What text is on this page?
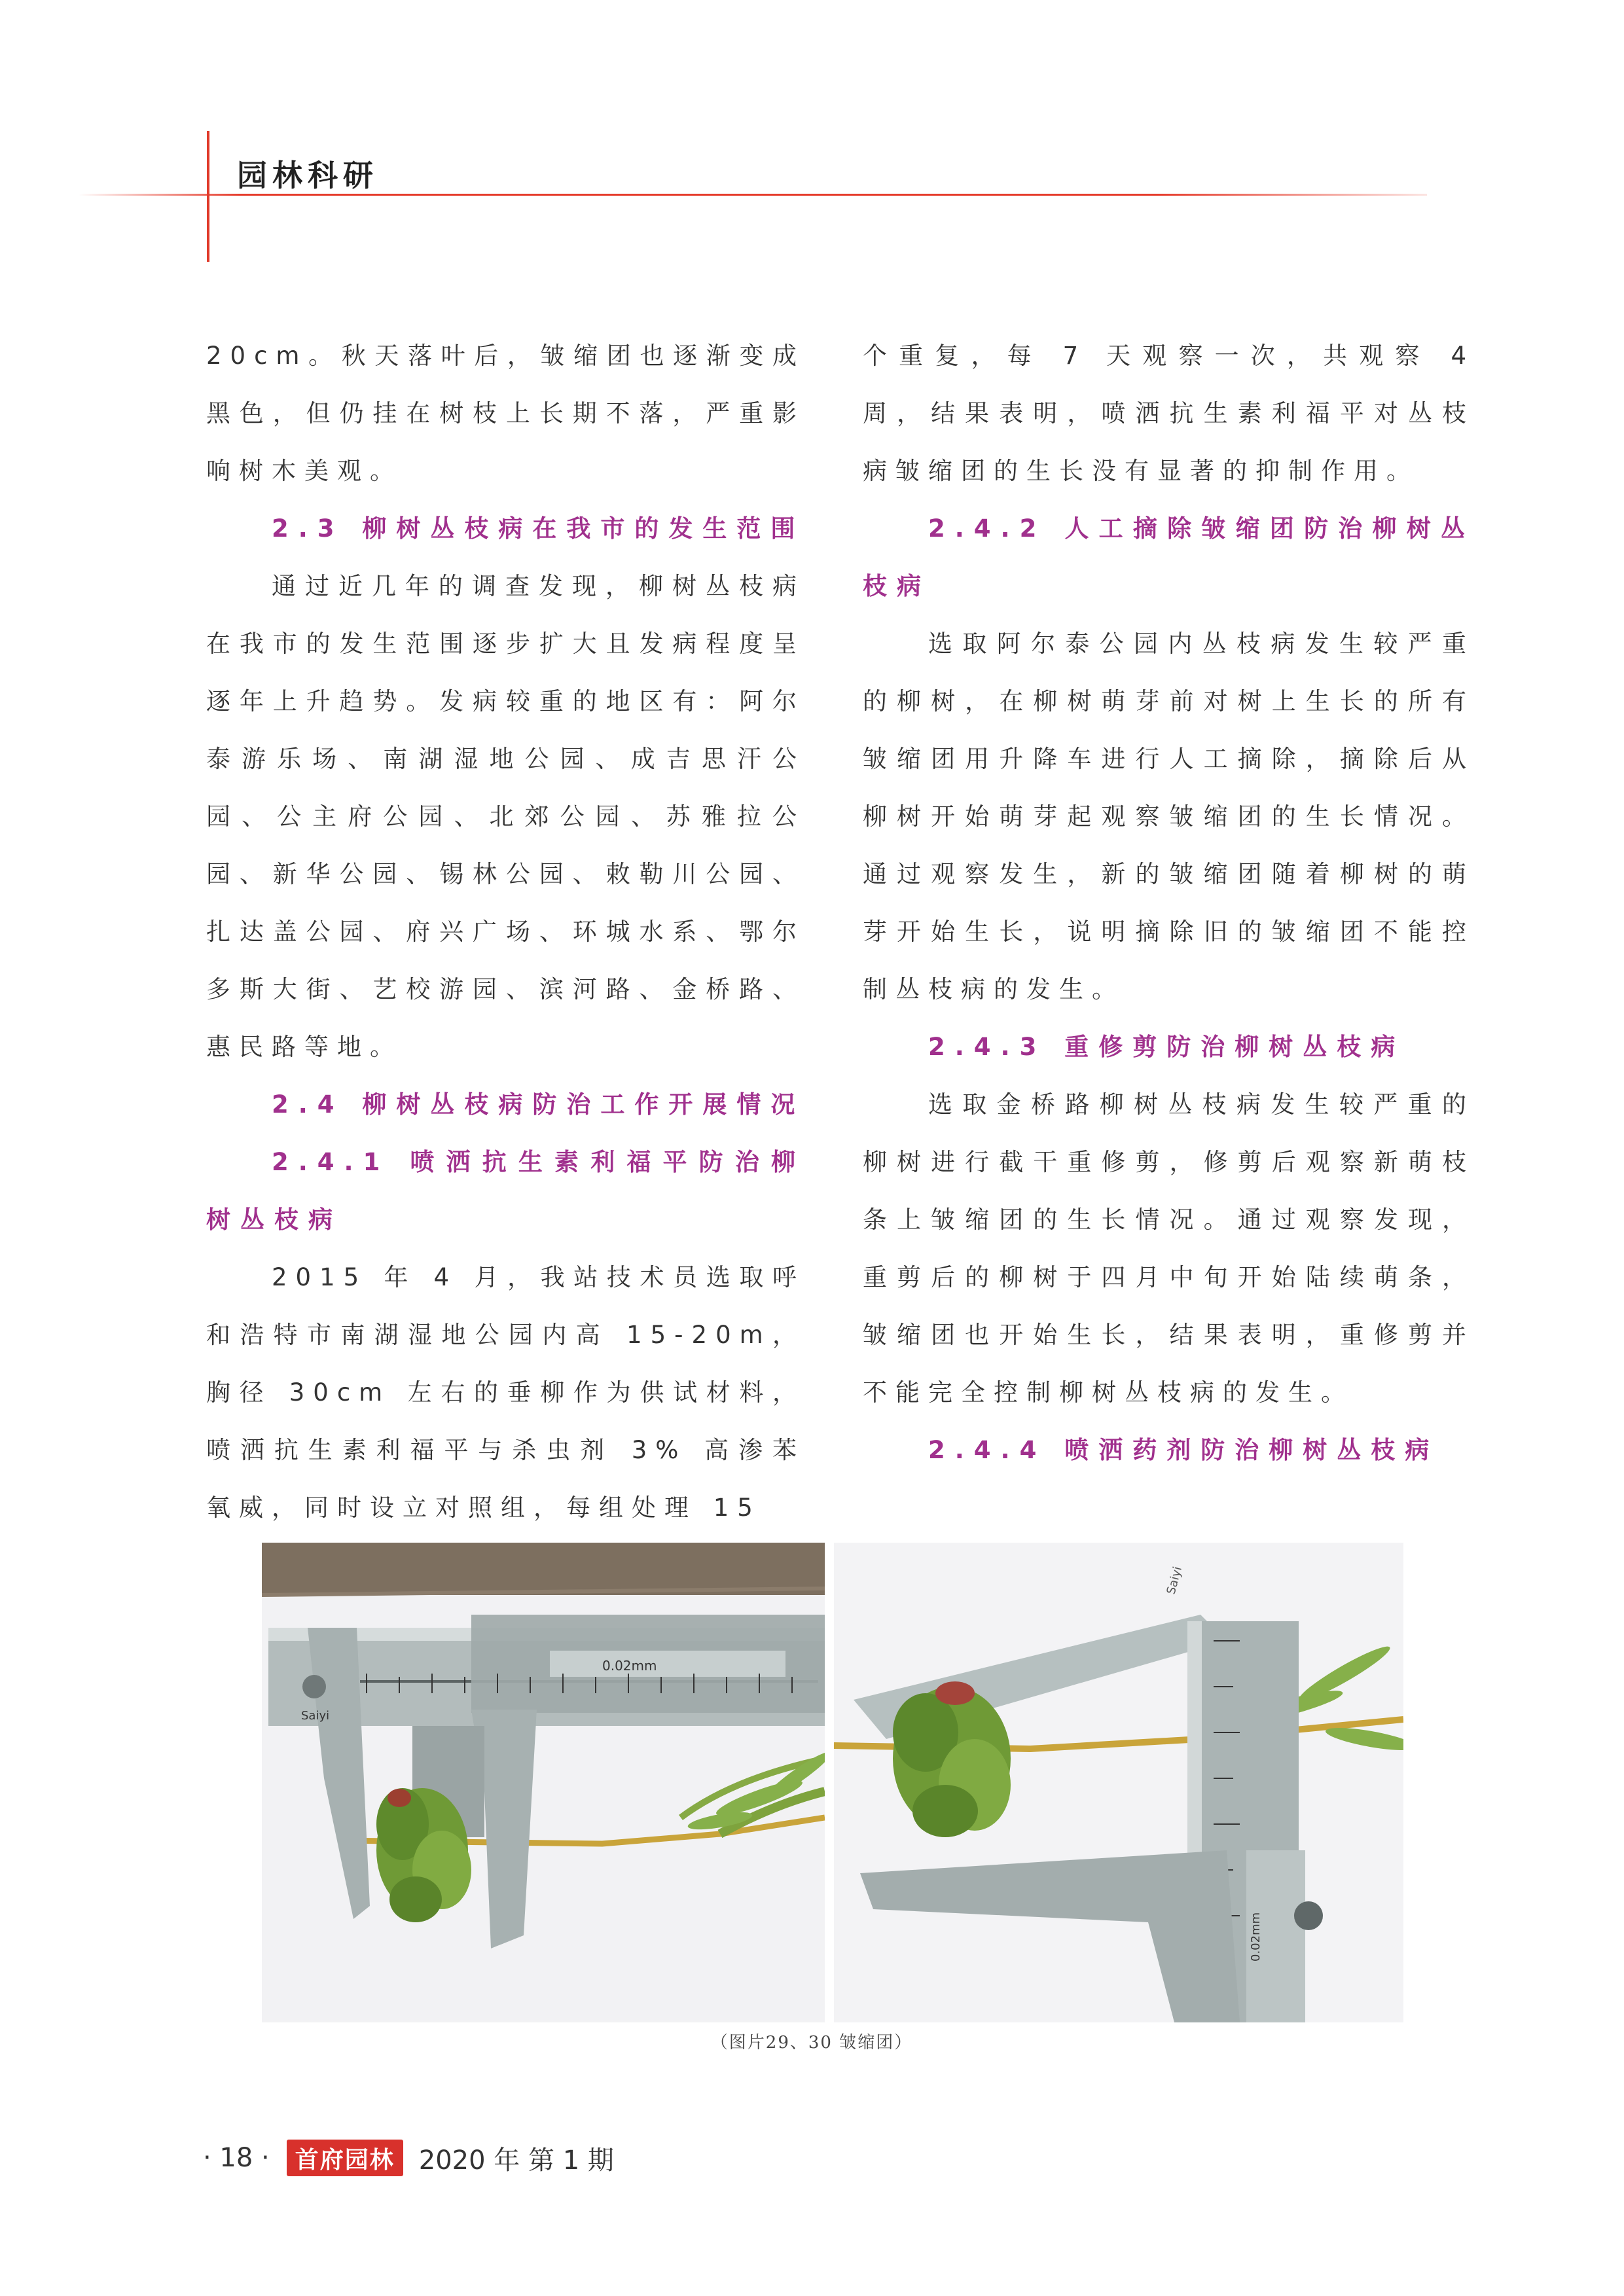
园林科研

20cm。秋天落叶后，皱缩团也逐渐变成黑色，但仍挂在树枝上长期不落，严重影响树木美观。

2.3 柳树丛枝病在我市的发生范围

通过近几年的调查发现，柳树丛枝病在我市的发生范围逐步扩大且发病程度呈逐年上升趋势。发病较重的地区有：阿尔泰游乐场、南湖湿地公园、成吉思汗公园、公主府公园、北郊公园、苏雅拉公园、新华公园、锡林公园、敕勒川公园、扎达盖公园、府兴广场、环城水系、鄂尔多斯大街、艺校游园、滨河路、金桥路、惠民路等地。

2.4 柳树丛枝病防治工作开展情况

2.4.1 喷洒抗生素利福平防治柳树丛枝病

2015 年 4 月，我站技术员选取呼和浩特市南湖湿地公园内高 15-20m，胸径 30cm 左右的垂柳作为供试材料，喷洒抗生素利福平与杀虫剂 3% 高渗苯氧威，同时设立对照组，每组处理 15

个重复，每 7 天观察一次，共观察 4 周，结果表明，喷洒抗生素利福平对丛枝病皱缩团的生长没有显著的抑制作用。

2.4.2 人工摘除皱缩团防治柳树丛枝病

选取阿尔泰公园内丛枝病发生较严重的柳树，在柳树萌芽前对树上生长的所有皱缩团用升降车进行人工摘除，摘除后从柳树开始萌芽起观察皱缩团的生长情况。通过观察发生，新的皱缩团随着柳树的萌芽开始生长，说明摘除旧的皱缩团不能控制丛枝病的发生。

2.4.3 重修剪防治柳树丛枝病

选取金桥路柳树丛枝病发生较严重的柳树进行截干重修剪，修剪后观察新萌枝条上皱缩团的生长情况。通过观察发现，重剪后的柳树于四月中旬开始陆续萌条，皱缩团也开始生长，结果表明，重修剪并不能完全控制柳树丛枝病的发生。

2.4.4 喷洒药剂防治柳树丛枝病

0.02mm
Saiyi
0.02mm
Saiyi
（图片29、30 皱缩团）
· 18 ·	首府园林 2020 年 第 1 期
